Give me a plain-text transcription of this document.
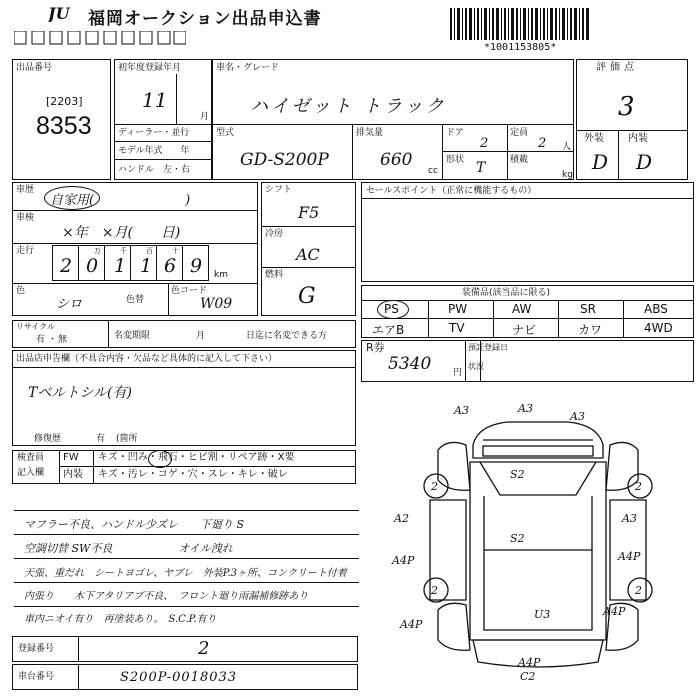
JU 福岡オークション出品申込書
*1001153805*
出品番号
[2203]
8353
初年度登録年月
11
月
ディーラー・並行
モデル年式　　年
ハンドル　左・右
車名・グレード
ハイゼット トラック
型式
GD-S200P
排気量
660
cc
ドア
2
定員
2 人
形状 T	積載
kg
評価点
3
外装 内装
D D
車歴
自家用(　　　　　　　)
車検
×年　×月(　　日)
走行	万	千	百	十
2 0 1 1 6 9 km
色
シロ	色替
色コード
W09
シフト
F5
冷房
AC
燃料
G
セールスポイント（正常に機能するもの）
装備品(該当品に限る)
PS	PW	AW	SR	ABS
エアB	TV	ナビ	カワ	4WD
リサイクル
有 ・ 無	名変期限	月	日迄に名変できる方
R券
5340 円
預託
状況
登録日
出品店申告欄（不具合内容・欠品など具体的に記入して下さい）
Tベルトシル(有)
修復歴	有 (箇所
検査員
記入欄
FW
内装
キズ・凹み・飛石・ヒビ割・リペア跡・X要
キズ・汚レ・コゲ・穴・スレ・キレ・破レ
マフラー不良、ハンドル少ズレ　　下廻り S
空調切替 SW不良　　　　　　オイル洩れ
天張、重だれ　シートヨゴレ、ヤブレ　外装P.3ヶ所、コンクリート付着
内張り　　木下アタリアブ不良、　フロント廻り雨漏補修跡あり
車内ニオイ有り　再塗装あり。　S.C.P.有り
登録番号	2
車台番号	S200P-0018033
A3	A3
A3
2	2
S2
S2
A2	A3
A4P	A4P
2	2
A4P
U3
A4P
A4P
C2
